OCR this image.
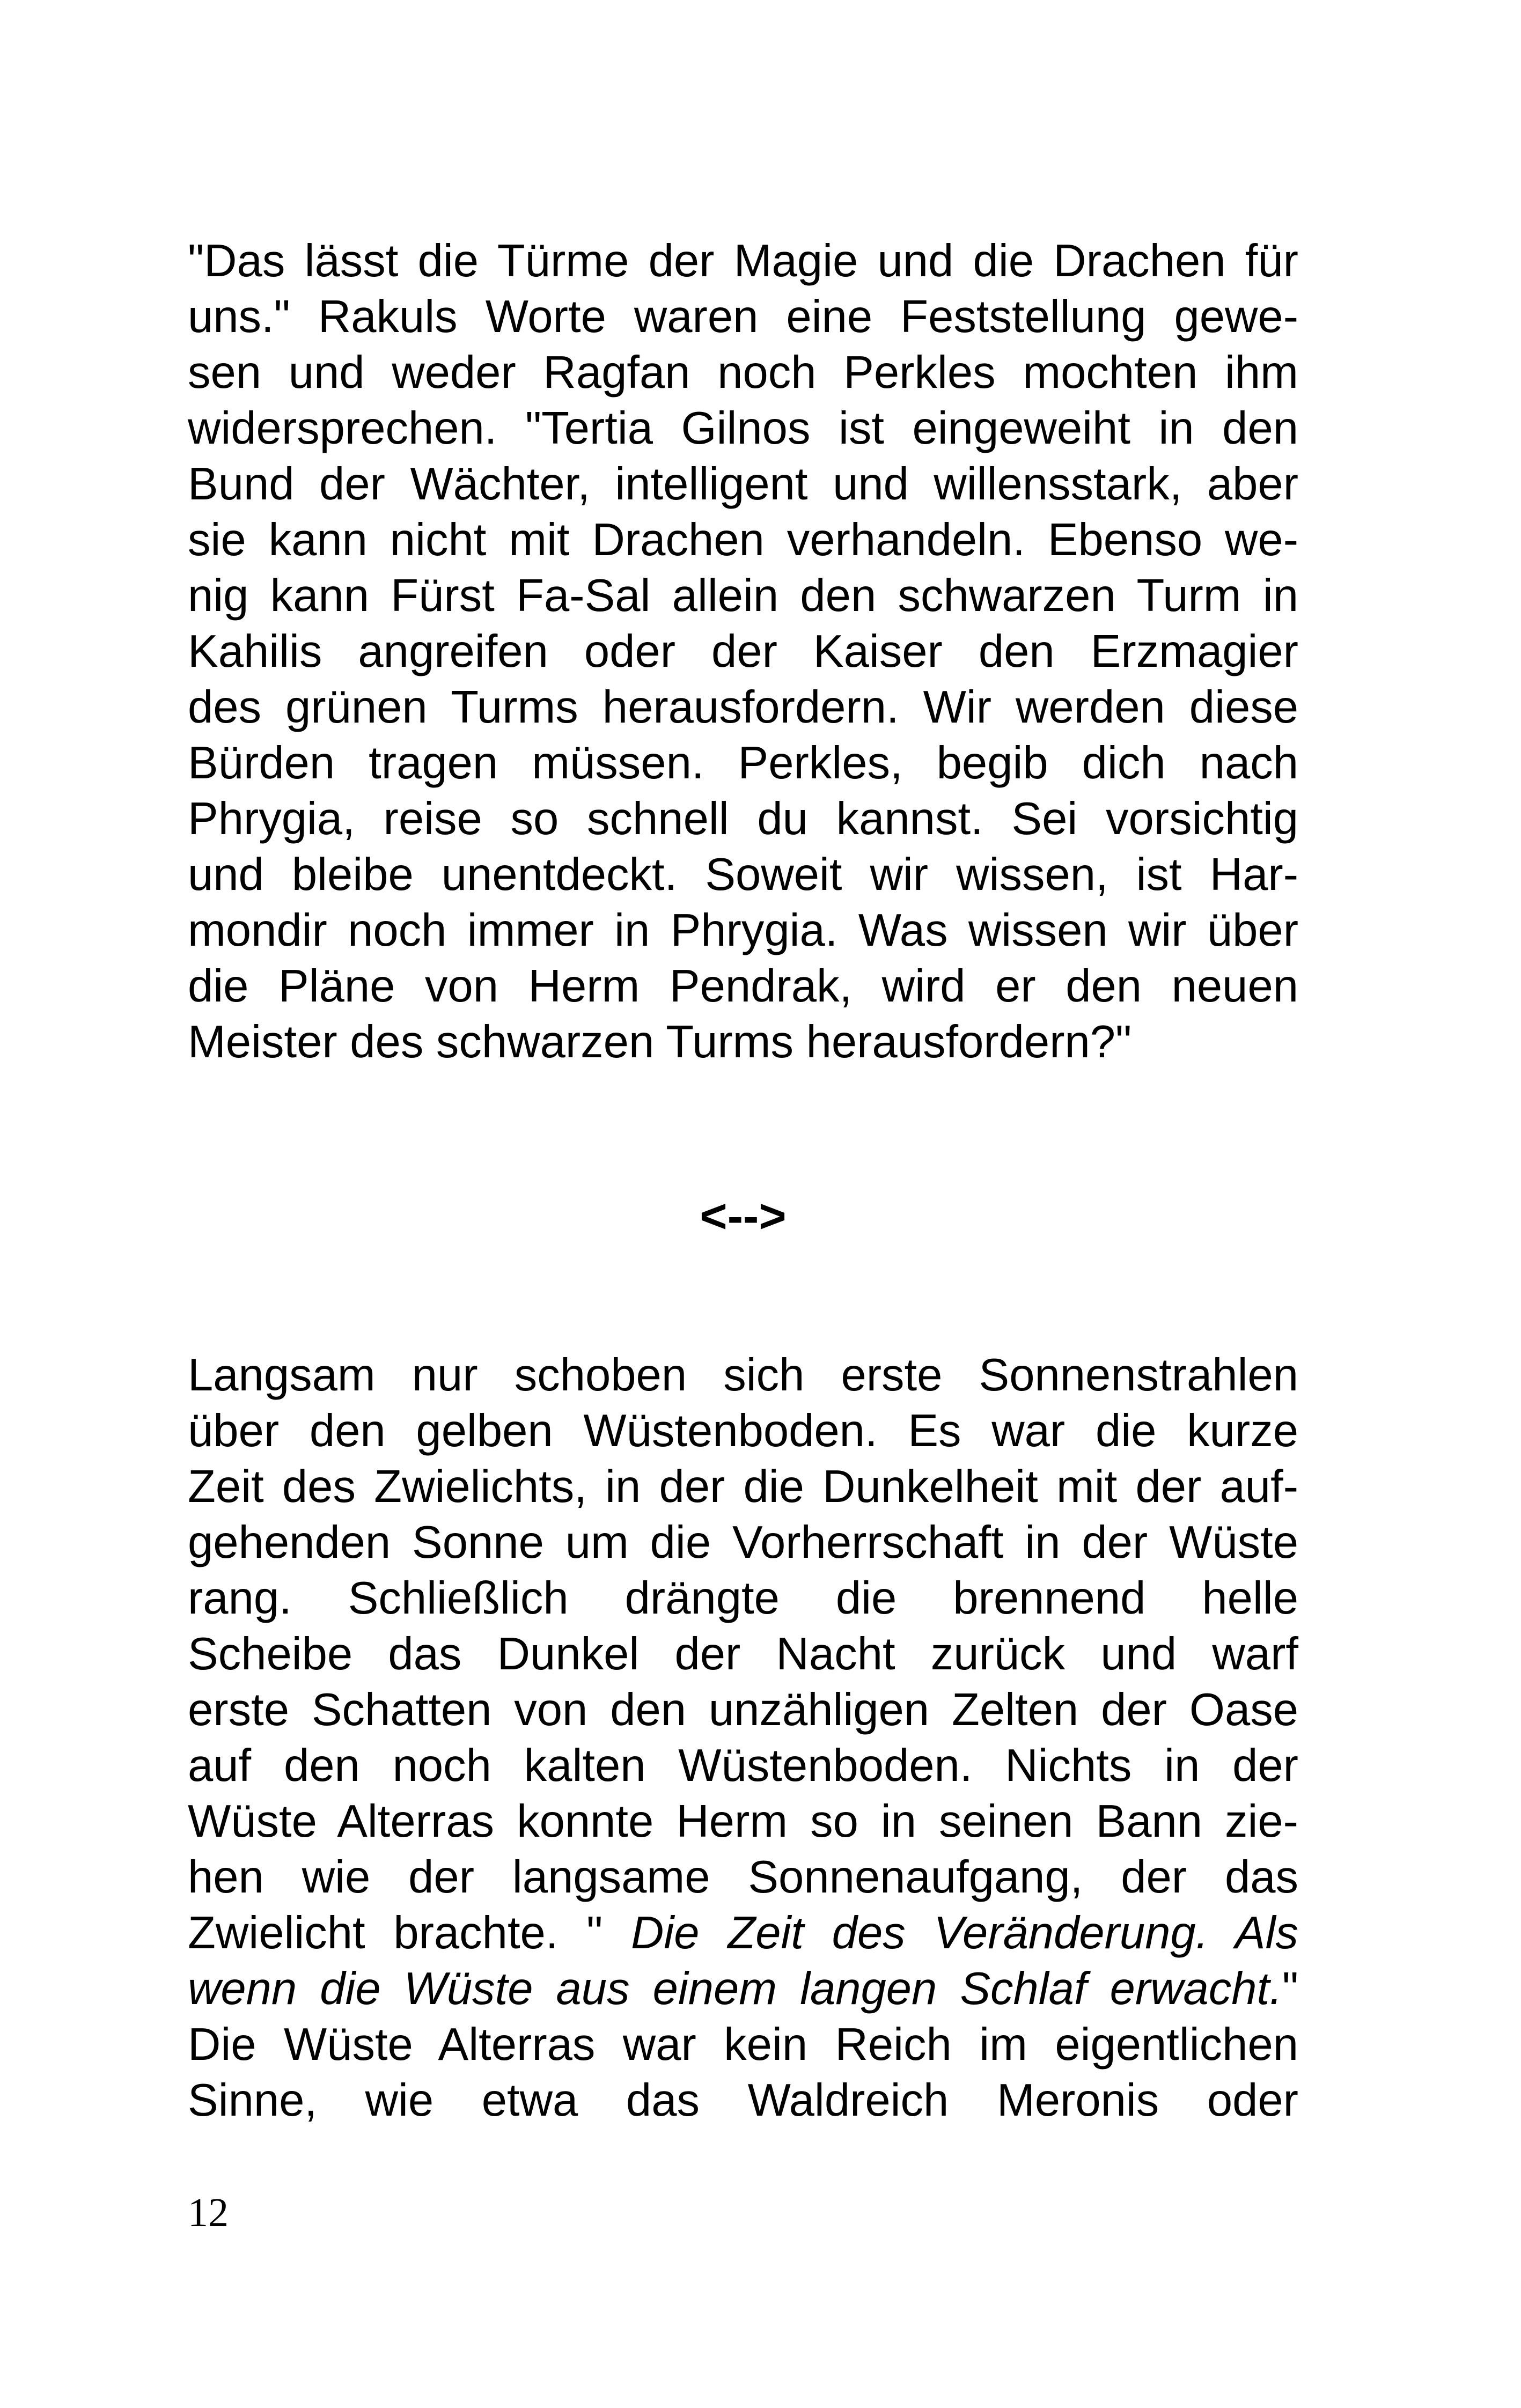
"Das lässt die Türme der Magie und die Drachen für
uns." Rakuls Worte waren eine Feststellung gewe-
sen und weder Ragfan noch Perkles mochten ihm
widersprechen. "Tertia Gilnos ist eingeweiht in den
Bund der Wächter, intelligent und willensstark, aber
sie kann nicht mit Drachen verhandeln. Ebenso we-
nig kann Fürst Fa-Sal allein den schwarzen Turm in
Kahilis angreifen oder der Kaiser den Erzmagier
des grünen Turms herausfordern. Wir werden diese
Bürden tragen müssen. Perkles, begib dich nach
Phrygia, reise so schnell du kannst. Sei vorsichtig
und bleibe unentdeckt. Soweit wir wissen, ist Har-
mondir noch immer in Phrygia. Was wissen wir über
die Pläne von Herm Pendrak, wird er den neuen
Meister des schwarzen Turms herausfordern?"
<-->
Langsam nur schoben sich erste Sonnenstrahlen
über den gelben Wüstenboden. Es war die kurze
Zeit des Zwielichts, in der die Dunkelheit mit der auf-
gehenden Sonne um die Vorherrschaft in der Wüste
rang. Schließlich drängte die brennend helle
Scheibe das Dunkel der Nacht zurück und warf
erste Schatten von den unzähligen Zelten der Oase
auf den noch kalten Wüstenboden. Nichts in der
Wüste Alterras konnte Herm so in seinen Bann zie-
hen wie der langsame Sonnenaufgang, der das
Zwielicht brachte. " Die Zeit des Veränderung. Als
wenn die Wüste aus einem langen Schlaf erwacht."
Die Wüste Alterras war kein Reich im eigentlichen
Sinne, wie etwa das Waldreich Meronis oder
12
